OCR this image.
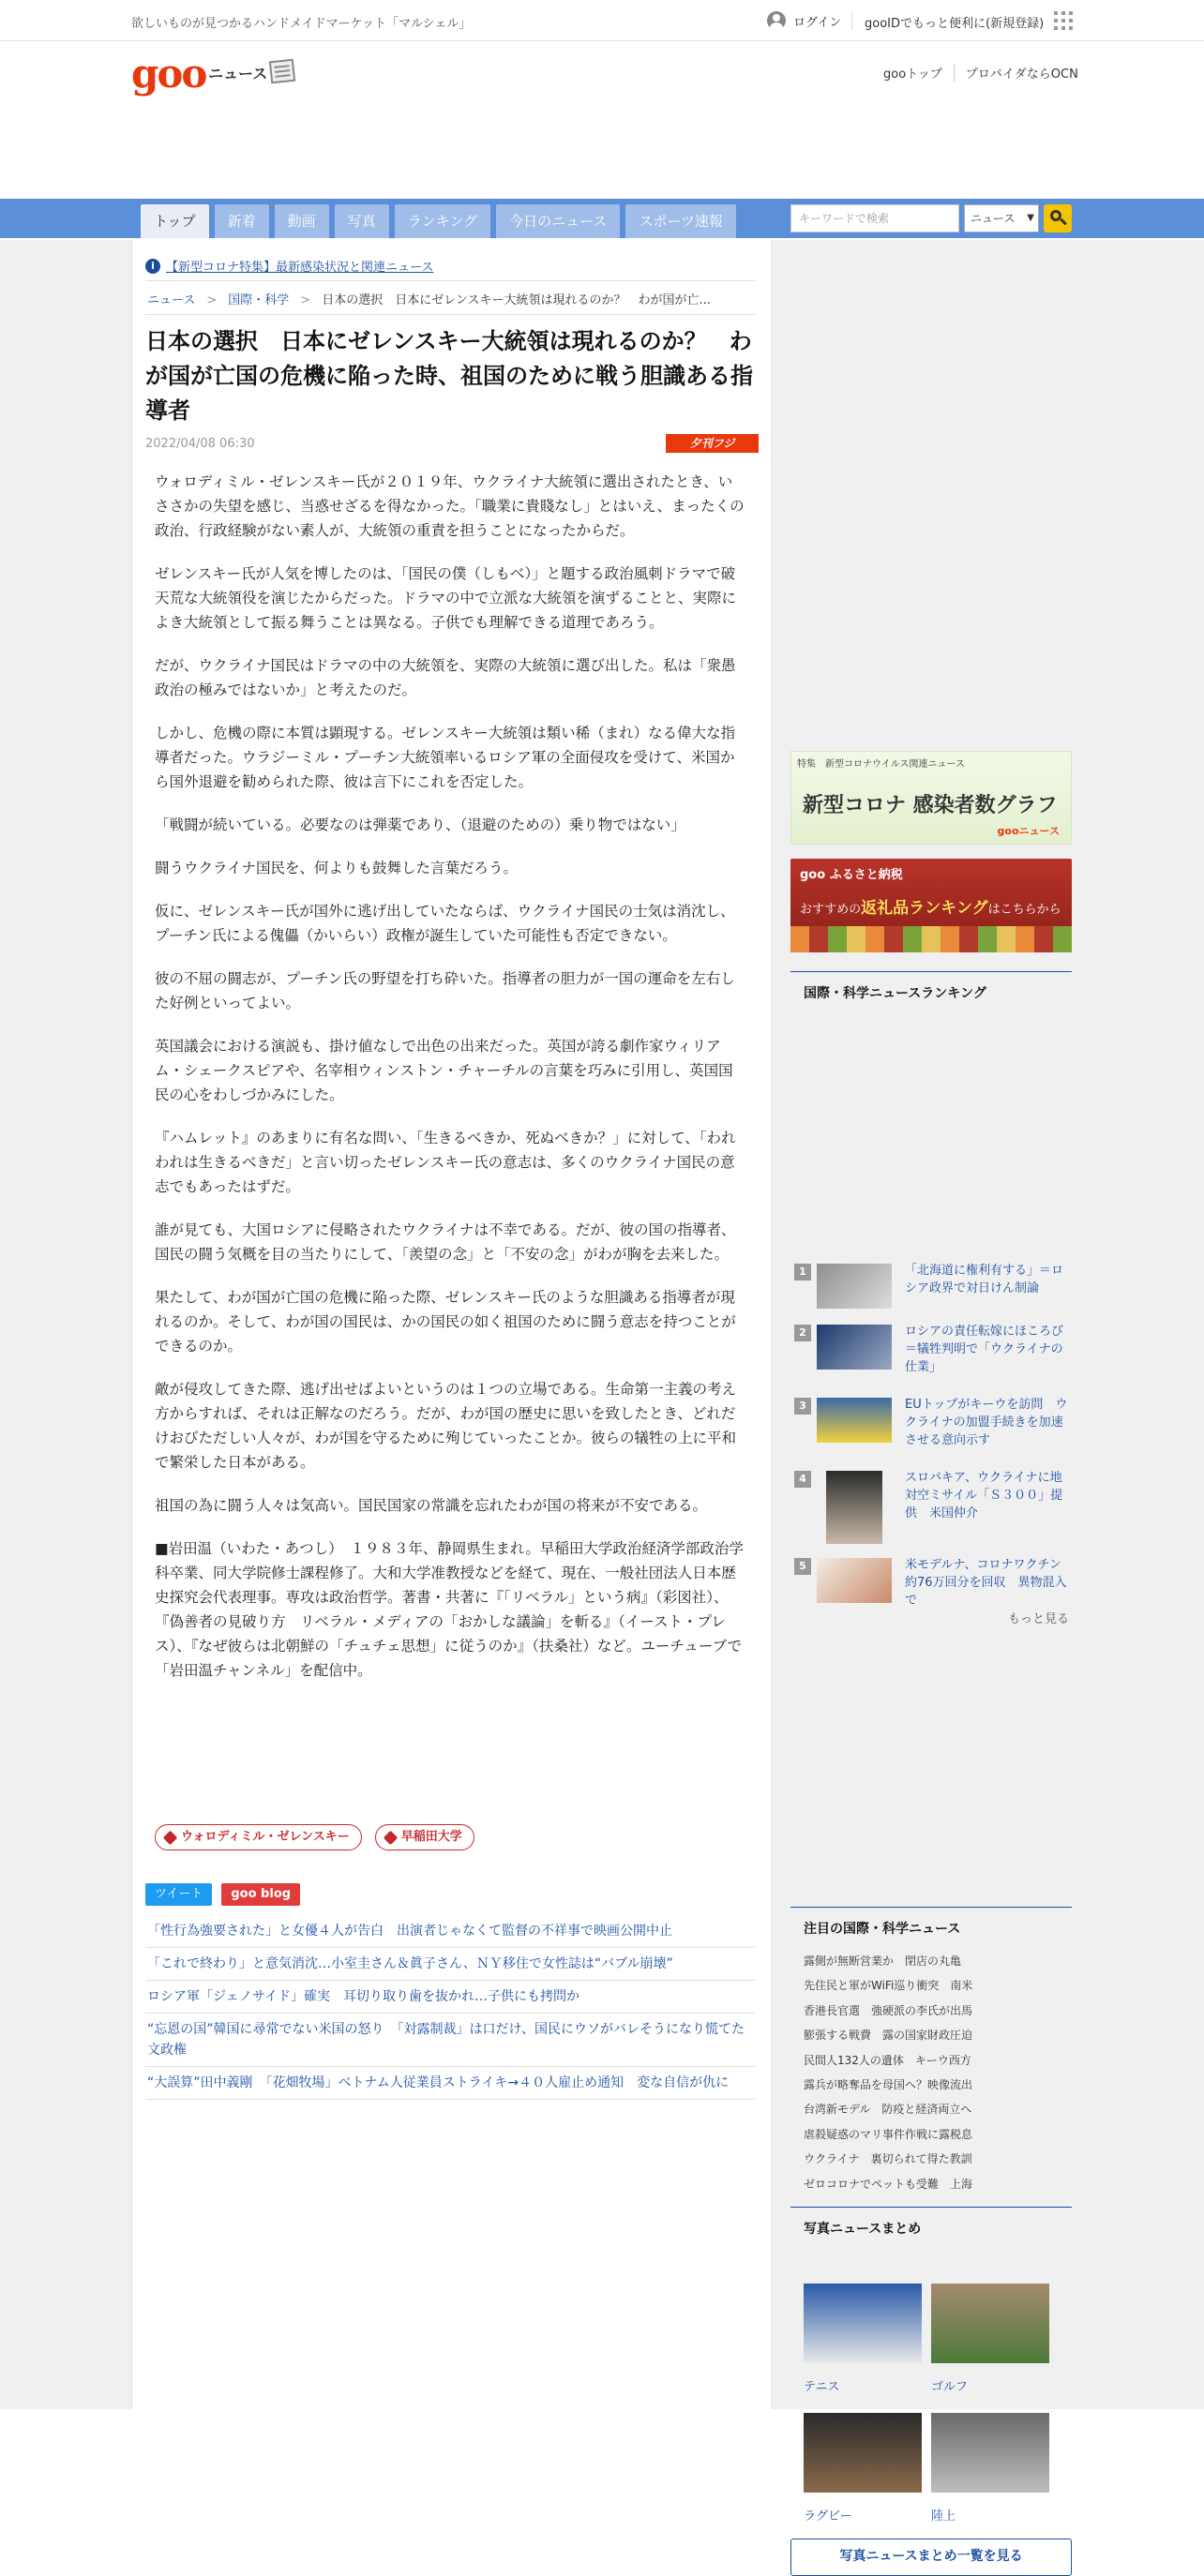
欲しいものが見つかるハンドメイドマーケット「マルシェル」	ログイン gooIDでもっと便利に(新規登録)
goo ニュース	gooトップ	プロバイダならOCN
トップ	新着	動画	写真	ランキング	今日のニュース	スポーツ速報	キーワードで検索	ニュース ▼
i 【新型コロナ特集】最新感染状況と関連ニュース
ニュース > 国際・科学 > 日本の選択　日本にゼレンスキー大統領は現れるのか？　わが国が亡...
日本の選択　日本にゼレンスキー大統領は現れるのか？　わが国が亡国の危機に陥った時、祖国のために戦う胆識ある指導者
2022/04/08 06:30	夕刊フジ

ウォロディミル・ゼレンスキー氏が２０１９年、ウクライナ大統領に選出されたとき、いささかの失望を感じ、当惑せざるを得なかった。「職業に貴賤なし」とはいえ、まったくの政治、行政経験がない素人が、大統領の重責を担うことになったからだ。

ゼレンスキー氏が人気を博したのは、「国民の僕（しもべ）」と題する政治風刺ドラマで破天荒な大統領役を演じたからだった。ドラマの中で立派な大統領を演ずることと、実際によき大統領として振る舞うことは異なる。子供でも理解できる道理であろう。

だが、ウクライナ国民はドラマの中の大統領を、実際の大統領に選び出した。私は「衆愚政治の極みではないか」と考えたのだ。

しかし、危機の際に本質は顕現する。ゼレンスキー大統領は類い稀（まれ）なる偉大な指導者だった。ウラジーミル・プーチン大統領率いるロシア軍の全面侵攻を受けて、米国から国外退避を勧められた際、彼は言下にこれを否定した。

「戦闘が続いている。必要なのは弾薬であり、（退避のための）乗り物ではない」

闘うウクライナ国民を、何よりも鼓舞した言葉だろう。

仮に、ゼレンスキー氏が国外に逃げ出していたならば、ウクライナ国民の士気は消沈し、プーチン氏による傀儡（かいらい）政権が誕生していた可能性も否定できない。

彼の不屈の闘志が、プーチン氏の野望を打ち砕いた。指導者の胆力が一国の運命を左右した好例といってよい。

英国議会における演説も、掛け値なしで出色の出来だった。英国が誇る劇作家ウィリアム・シェークスピアや、名宰相ウィンストン・チャーチルの言葉を巧みに引用し、英国国民の心をわしづかみにした。

『ハムレット』のあまりに有名な問い、「生きるべきか、死ぬべきか？」に対して、「われわれは生きるべきだ」と言い切ったゼレンスキー氏の意志は、多くのウクライナ国民の意志でもあったはずだ。

誰が見ても、大国ロシアに侵略されたウクライナは不幸である。だが、彼の国の指導者、国民の闘う気概を目の当たりにして、「羨望の念」と「不安の念」がわが胸を去来した。

果たして、わが国が亡国の危機に陥った際、ゼレンスキー氏のような胆識ある指導者が現れるのか。そして、わが国の国民は、かの国民の如く祖国のために闘う意志を持つことができるのか。

敵が侵攻してきた際、逃げ出せばよいというのは１つの立場である。生命第一主義の考え方からすれば、それは正解なのだろう。だが、わが国の歴史に思いを致したとき、どれだけおびただしい人々が、わが国を守るために殉じていったことか。彼らの犠牲の上に平和で繁栄した日本がある。

祖国の為に闘う人々は気高い。国民国家の常識を忘れたわが国の将来が不安である。

■岩田温（いわた・あつし）　１９８３年、静岡県生まれ。早稲田大学政治経済学部政治学科卒業、同大学院修士課程修了。大和大学准教授などを経て、現在、一般社団法人日本歴史探究会代表理事。専攻は政治哲学。著書・共著に『「リベラル」という病』（彩図社）、『偽善者の見破り方　リベラル・メディアの「おかしな議論」を斬る』（イースト・プレス）、『なぜ彼らは北朝鮮の「チュチェ思想」に従うのか』（扶桑社）など。ユーチューブで「岩田温チャンネル」を配信中。

ウォロディミル・ゼレンスキー	早稲田大学
ツイート	goo blog
「性行為強要された」と女優４人が告白　出演者じゃなくて監督の不祥事で映画公開中止
「これで終わり」と意気消沈…小室圭さん＆眞子さん、ＮＹ移住で女性誌は“バブル崩壊”
ロシア軍「ジェノサイド」確実　耳切り取り歯を抜かれ…子供にも拷問か
“忘恩の国”韓国に尋常でない米国の怒り　「対露制裁」は口だけ、国民にウソがバレそうになり慌てた文政権
“大誤算”田中義剛　「花畑牧場」ベトナム人従業員ストライキ→４０人雇止め通知　変な自信が仇に
特集　新型コロナウイルス関連ニュース
新型コロナ 感染者数グラフ
gooニュース
goo ふるさと納税
おすすめの返礼品ランキングはこちらから
国際・科学ニュースランキング
1	「北海道に権利有する」＝ロシア政界で対日けん制論
2	ロシアの責任転嫁にほころび＝犠牲判明で「ウクライナの仕業」
3	EUトップがキーウを訪問　ウクライナの加盟手続きを加速させる意向示す
4	スロバキア、ウクライナに地対空ミサイル「Ｓ３００」提供　米国仲介
5	米モデルナ、コロナワクチン約76万回分を回収　異物混入で
もっと見る
注目の国際・科学ニュース
露側が無断営業か　閉店の丸亀
先住民と軍がWiFi巡り衝突　南米
香港長官選　強硬派の李氏が出馬
膨張する戦費　露の国家財政圧迫
民間人132人の遺体　キーウ西方
露兵が略奪品を母国へ？映像流出
台湾新モデル　防疫と経済両立へ
虐殺疑惑のマリ事件作戦に露税息
ウクライナ　裏切られて得た教訓
ゼロコロナでペットも受難　上海
写真ニュースまとめ
テニス	ゴルフ
ラグビー	陸上
写真ニュースまとめ一覧を見る
